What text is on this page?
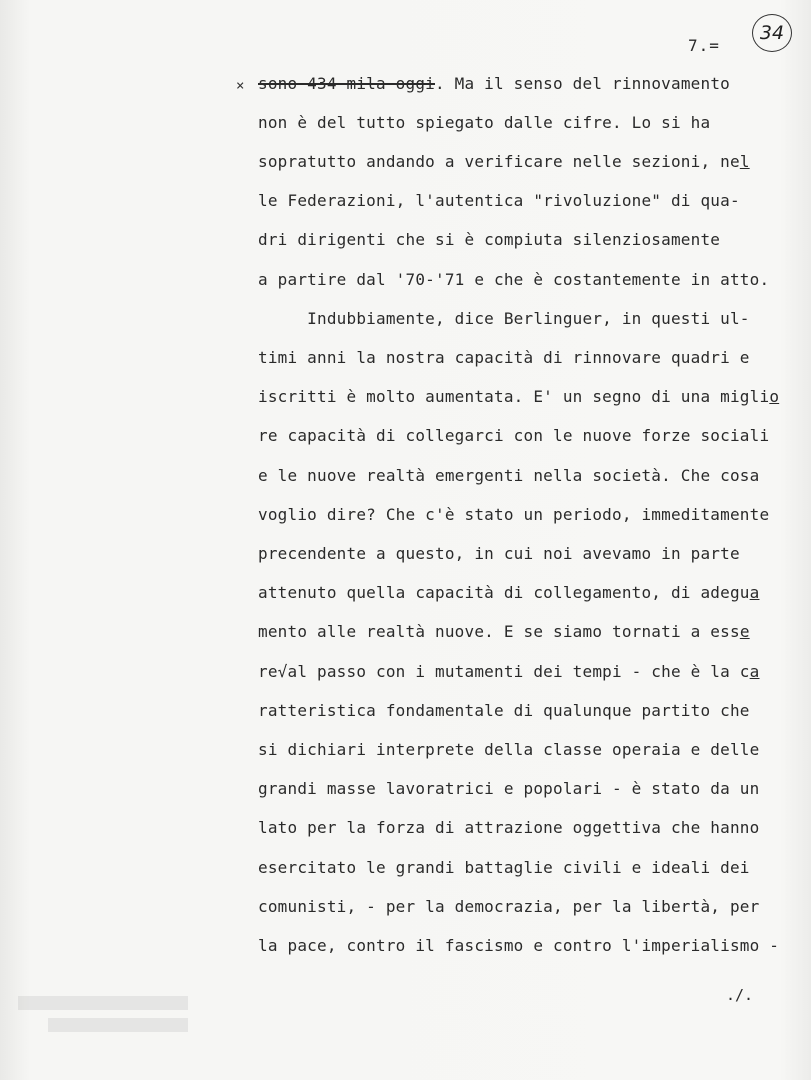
7.=
34
× sono 434 mila oggi. Ma il senso del rinnovamento
non è del tutto spiegato dalle cifre. Lo si ha
sopratutto andando a verificare nelle sezioni, nel
le Federazioni, l'autentica "rivoluzione" di qua-
dri dirigenti che si è compiuta silenziosamente
a partire dal '70-'71 e che è costantemente in atto.
Indubbiamente, dice Berlinguer, in questi ul-
timi anni la nostra capacità di rinnovare quadri e
iscritti è molto aumentata. E' un segno di una miglio
re capacità di collegarci con le nuove forze sociali
e le nuove realtà emergenti nella società. Che cosa
voglio dire? Che c'è stato un periodo, immeditamente
precendente a questo, in cui noi avevamo in parte
attenuto quella capacità di collegamento, di adegua
mento alle realtà nuove. E se siamo tornati a esse
re√al passo con i mutamenti dei tempi - che è la ca
ratteristica fondamentale di qualunque partito che
si dichiari interprete della classe operaia e delle
grandi masse lavoratrici e popolari - è stato da un
lato per la forza di attrazione oggettiva che hanno
esercitato le grandi battaglie civili e ideali dei
comunisti, - per la democrazia, per la libertà, per
la pace, contro il fascismo e contro l'imperialismo -
./.
